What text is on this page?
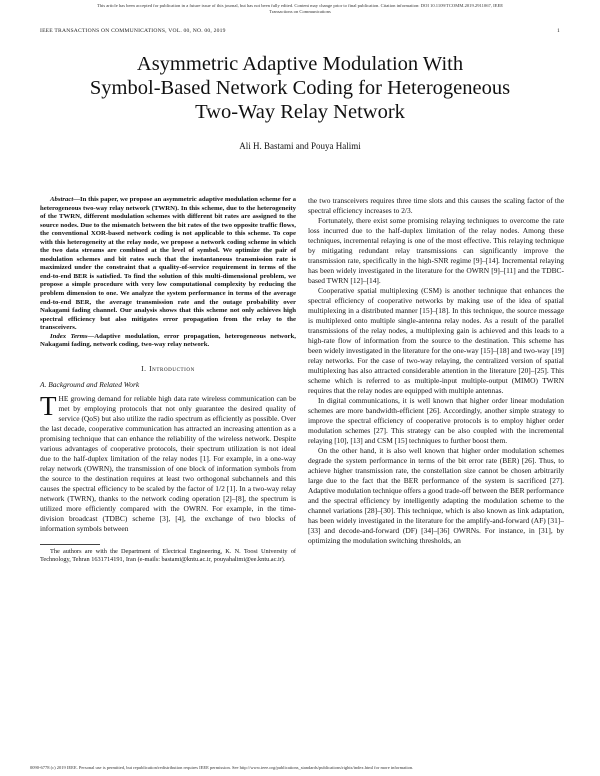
This article has been accepted for publication in a future issue of this journal, but has not been fully edited. Content may change prior to final publication. Citation information: DOI 10.1109/TCOMM.2019.2911067, IEEE
Transactions on Communications
IEEE TRANSACTIONS ON COMMUNICATIONS, VOL. 00, NO. 00, 2019	1
Asymmetric Adaptive Modulation With
Symbol-Based Network Coding for Heterogeneous
Two-Way Relay Network
Ali H. Bastami and Pouya Halimi

Abstract—In this paper, we propose an asymmetric adaptive modulation scheme for a heterogeneous two-way relay network (TWRN). In this scheme, due to the heterogeneity of the TWRN, different modulation schemes with different bit rates are assigned to the source nodes. Due to the mismatch between the bit rates of the two opposite traffic flows, the conventional XOR-based network coding is not applicable to this scheme. To cope with this heterogeneity at the relay node, we propose a network coding scheme in which the two data streams are combined at the level of symbol. We optimize the pair of modulation schemes and bit rates such that the instantaneous transmission rate is maximized under the constraint that a quality-of-service requirement in terms of the end-to-end BER is satisfied. To find the solution of this multi-dimensional problem, we propose a simple procedure with very low computational complexity by reducing the problem dimension to one. We analyze the system performance in terms of the average end-to-end BER, the average transmission rate and the outage probability over Nakagami fading channel. Our analysis shows that this scheme not only achieves high spectral efficiency but also mitigates error propagation from the relay to the transceivers.

Index Terms—Adaptive modulation, error propagation, heterogeneous network, Nakagami fading, network coding, two-way relay network.

I. Introduction
A. Background and Related Work

THE growing demand for reliable high data rate wireless communication can be met by employing protocols that not only guarantee the desired quality of service (QoS) but also utilize the radio spectrum as efficiently as possible. Over the last decade, cooperative communication has attracted an increasing attention as a promising technique that can enhance the reliability of the wireless network. Despite various advantages of cooperative protocols, their spectrum utilization is not ideal due to the half-duplex limitation of the relay nodes [1]. For example, in a one-way relay network (OWRN), the transmission of one block of information symbols from the source to the destination requires at least two orthogonal subchannels and this causes the spectral efficiency to be scaled by the factor of 1/2 [1]. In a two-way relay network (TWRN), thanks to the network coding operation [2]–[8], the spectrum is utilized more efficiently compared with the OWRN. For example, in the time-division broadcast (TDBC) scheme [3], [4], the exchange of two blocks of information symbols between

The authors are with the Department of Electrical Engineering, K. N. Toosi University of Technology, Tehran 1631714191, Iran (e-mails: bastami@kntu.ac.ir, pouyahalimi@ee.kntu.ac.ir).

the two transceivers requires three time slots and this causes the scaling factor of the spectral efficiency increases to 2/3.

Fortunately, there exist some promising relaying techniques to overcome the rate loss incurred due to the half-duplex limitation of the relay nodes. Among these techniques, incremental relaying is one of the most effective. This relaying technique by mitigating redundant relay transmissions can significantly improve the transmission rate, specifically in the high-SNR regime [9]–[14]. Incremental relaying has been widely investigated in the literature for the OWRN [9]–[11] and the TDBC-based TWRN [12]–[14].

Cooperative spatial multiplexing (CSM) is another technique that enhances the spectral efficiency of cooperative networks by making use of the idea of spatial multiplexing in a distributed manner [15]–[18]. In this technique, the source message is multiplexed onto multiple single-antenna relay nodes. As a result of the parallel transmissions of the relay nodes, a multiplexing gain is achieved and this leads to a high-rate flow of information from the source to the destination. This scheme has been widely investigated in the literature for the one-way [15]–[18] and two-way [19] relay networks. For the case of two-way relaying, the centralized version of spatial multiplexing has also attracted considerable attention in the literature [20]–[25]. This scheme which is referred to as multiple-input multiple-output (MIMO) TWRN requires that the relay nodes are equipped with multiple antennas.

In digital communications, it is well known that higher order linear modulation schemes are more bandwidth-efficient [26]. Accordingly, another simple strategy to improve the spectral efficiency of cooperative protocols is to employ higher order modulation schemes [27]. This strategy can be also coupled with the incremental relaying [10], [13] and CSM [15] techniques to further boost them.

On the other hand, it is also well known that higher order modulation schemes degrade the system performance in terms of the bit error rate (BER) [26]. Thus, to achieve higher transmission rate, the constellation size cannot be chosen arbitrarily large due to the fact that the BER performance of the system is sacrificed [27]. Adaptive modulation technique offers a good trade-off between the BER performance and the spectral efficiency by intelligently adapting the modulation scheme to the channel variations [28]–[30]. This technique, which is also known as link adaptation, has been widely investigated in the literature for the amplify-and-forward (AF) [31]–[33] and decode-and-forward (DF) [34]–[36] OWRNs. For instance, in [31], by optimizing the modulation switching thresholds, an

0090-6778 (c) 2019 IEEE. Personal use is permitted, but republication/redistribution requires IEEE permission. See http://www.ieee.org/publications_standards/publications/rights/index.html for more information.
